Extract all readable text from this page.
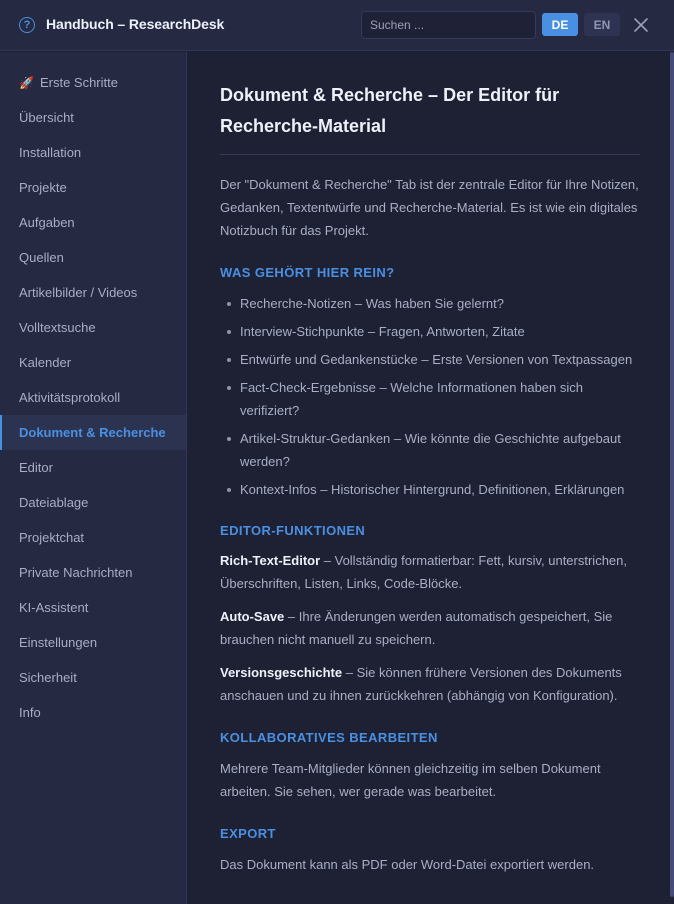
?	Handbuch – ResearchDesk
Suchen ...	DE	EN
🚀 Erste Schritte
Übersicht
Installation
Projekte
Aufgaben
Quellen
Artikelbilder / Videos
Volltextsuche
Kalender
Aktivitätsprotokoll
Dokument & Recherche
Editor
Dateiablage
Projektchat
Private Nachrichten
KI-Assistent
Einstellungen
Sicherheit
Info
Dokument & Recherche – Der Editor für Recherche-Material

Der "Dokument & Recherche" Tab ist der zentrale Editor für Ihre Notizen, Gedanken, Textentwürfe und Recherche-Material. Es ist wie ein digitales Notizbuch für das Projekt.

WAS GEHÖRT HIER REIN?
Recherche-Notizen – Was haben Sie gelernt?
Interview-Stichpunkte – Fragen, Antworten, Zitate
Entwürfe und Gedankenstücke – Erste Versionen von Textpassagen
Fact-Check-Ergebnisse – Welche Informationen haben sich verifiziert?
Artikel-Struktur-Gedanken – Wie könnte die Geschichte aufgebaut werden?
Kontext-Infos – Historischer Hintergrund, Definitionen, Erklärungen
EDITOR-FUNKTIONEN

Rich-Text-Editor – Vollständig formatierbar: Fett, kursiv, unterstrichen, Überschriften, Listen, Links, Code-Blöcke.

Auto-Save – Ihre Änderungen werden automatisch gespeichert, Sie brauchen nicht manuell zu speichern.

Versionsgeschichte – Sie können frühere Versionen des Dokuments anschauen und zu ihnen zurückkehren (abhängig von Konfiguration).

KOLLABORATIVES BEARBEITEN

Mehrere Team-Mitglieder können gleichzeitig im selben Dokument arbeiten. Sie sehen, wer gerade was bearbeitet.

EXPORT

Das Dokument kann als PDF oder Word-Datei exportiert werden.
